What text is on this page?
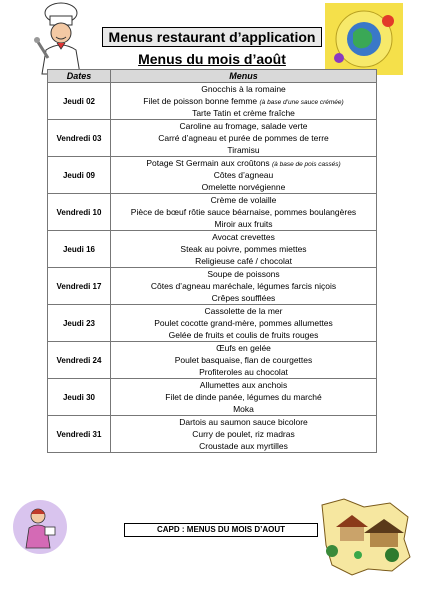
Menus restaurant d’application
Menus du mois d’août
Dates	Menus
Jeudi 02	Gnocchis à la romaine
Filet de poisson bonne femme (à base d’une sauce crémée)
Tarte Tatin et crème fraîche

Vendredi 03	Caroline au fromage, salade verte
Carré d’agneau et purée de pommes de terre
Tiramisu

Jeudi 09	Potage St Germain aux croûtons (à base de pois cassés)
Côtes d’agneau
Omelette norvégienne

Vendredi 10	Crème de volaille
Pièce de bœuf rôtie sauce béarnaise, pommes boulangères
Miroir aux fruits

Jeudi 16	Avocat crevettes
Steak au poivre, pommes miettes
Religieuse café / chocolat

Vendredi 17	Soupe de poissons
Côtes d’agneau maréchale, légumes farcis niçois
Crêpes soufflées

Jeudi 23	Cassolette de la mer
Poulet cocotte grand-mère, pommes allumettes
Gelée de fruits et coulis de fruits rouges

Vendredi 24	Œufs en gelée
Poulet basquaise, flan de courgettes
Profiteroles au chocolat

Jeudi 30	Allumettes aux anchois
Filet de dinde panée, légumes du marché
Moka

Vendredi 31	Dartois au saumon sauce bicolore
Curry de poulet, riz madras
Croustade aux myrtilles
CAPD : MENUS DU MOIS D’AOUT
